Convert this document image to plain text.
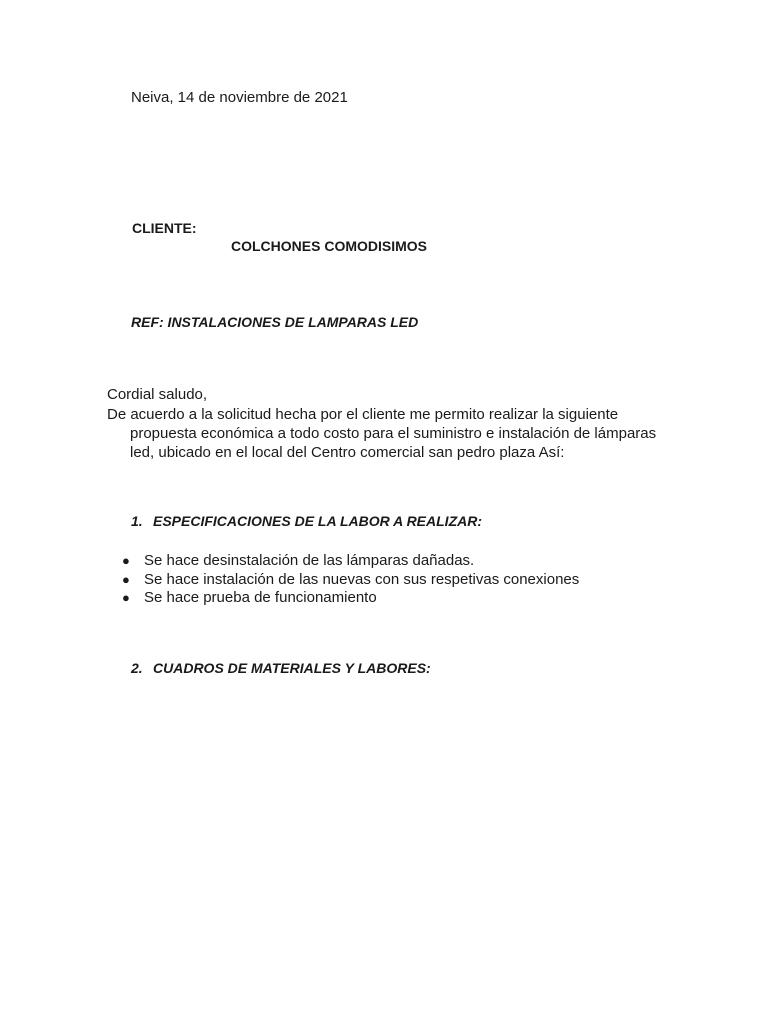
Neiva, 14 de noviembre de 2021
CLIENTE:
COLCHONES COMODISIMOS
REF: INSTALACIONES DE LAMPARAS LED
Cordial saludo,
De acuerdo a la solicitud hecha por el cliente me permito realizar la siguiente
propuesta económica a todo costo para el suministro e instalación de lámparas
led, ubicado en el local del Centro comercial san pedro plaza Así:
1. ESPECIFICACIONES DE LA LABOR A REALIZAR:
● Se hace desinstalación de las lámparas dañadas.
● Se hace instalación de las nuevas con sus respetivas conexiones
● Se hace prueba de funcionamiento
2. CUADROS DE MATERIALES Y LABORES:
